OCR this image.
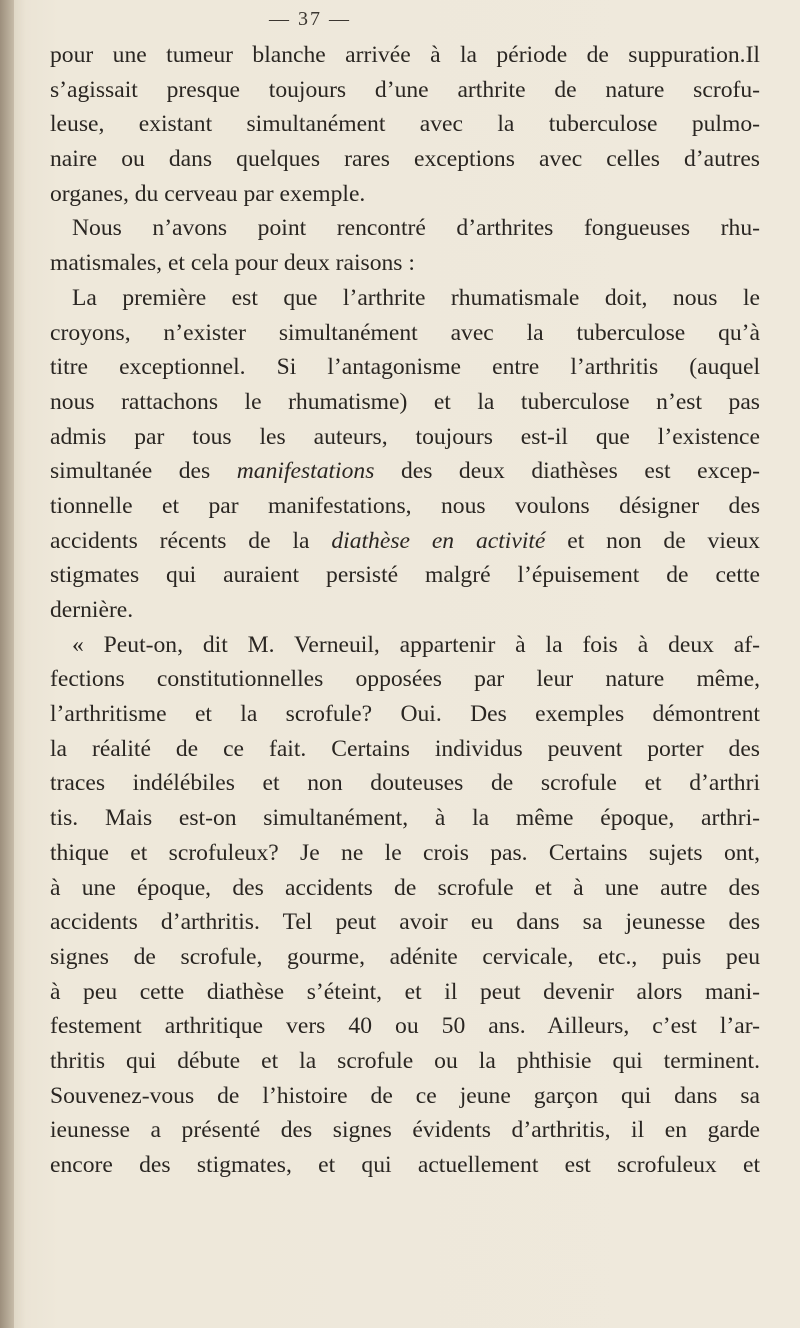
— 37 —
pour une tumeur blanche arrivée à la période de suppuration.Il
s’agissait presque toujours d’une arthrite de nature scrofu-
leuse, existant simultanément avec la tuberculose pulmo-
naire ou dans quelques rares exceptions avec celles d’autres
organes, du cerveau par exemple.
Nous n’avons point rencontré d’arthrites fongueuses rhu-
matismales, et cela pour deux raisons :
La première est que l’arthrite rhumatismale doit, nous le
croyons, n’exister simultanément avec la tuberculose qu’à
titre exceptionnel. Si l’antagonisme entre l’arthritis (auquel
nous rattachons le rhumatisme) et la tuberculose n’est pas
admis par tous les auteurs, toujours est-il que l’existence
simultanée des manifestations des deux diathèses est excep-
tionnelle et par manifestations, nous voulons désigner des
accidents récents de la diathèse en activité et non de vieux
stigmates qui auraient persisté malgré l’épuisement de cette
dernière.
« Peut-on, dit M. Verneuil, appartenir à la fois à deux af-
fections constitutionnelles opposées par leur nature même,
l’arthritisme et la scrofule? Oui. Des exemples démontrent
la réalité de ce fait. Certains individus peuvent porter des
traces indélébiles et non douteuses de scrofule et d’arthri
tis. Mais est-on simultanément, à la même époque, arthri-
thique et scrofuleux? Je ne le crois pas. Certains sujets ont,
à une époque, des accidents de scrofule et à une autre des
accidents d’arthritis. Tel peut avoir eu dans sa jeunesse des
signes de scrofule, gourme, adénite cervicale, etc., puis peu
à peu cette diathèse s’éteint, et il peut devenir alors mani-
festement arthritique vers 40 ou 50 ans. Ailleurs, c’est l’ar-
thritis qui débute et la scrofule ou la phthisie qui terminent.
Souvenez-vous de l’histoire de ce jeune garçon qui dans sa
ieunesse a présenté des signes évidents d’arthritis, il en garde
encore des stigmates, et qui actuellement est scrofuleux et
